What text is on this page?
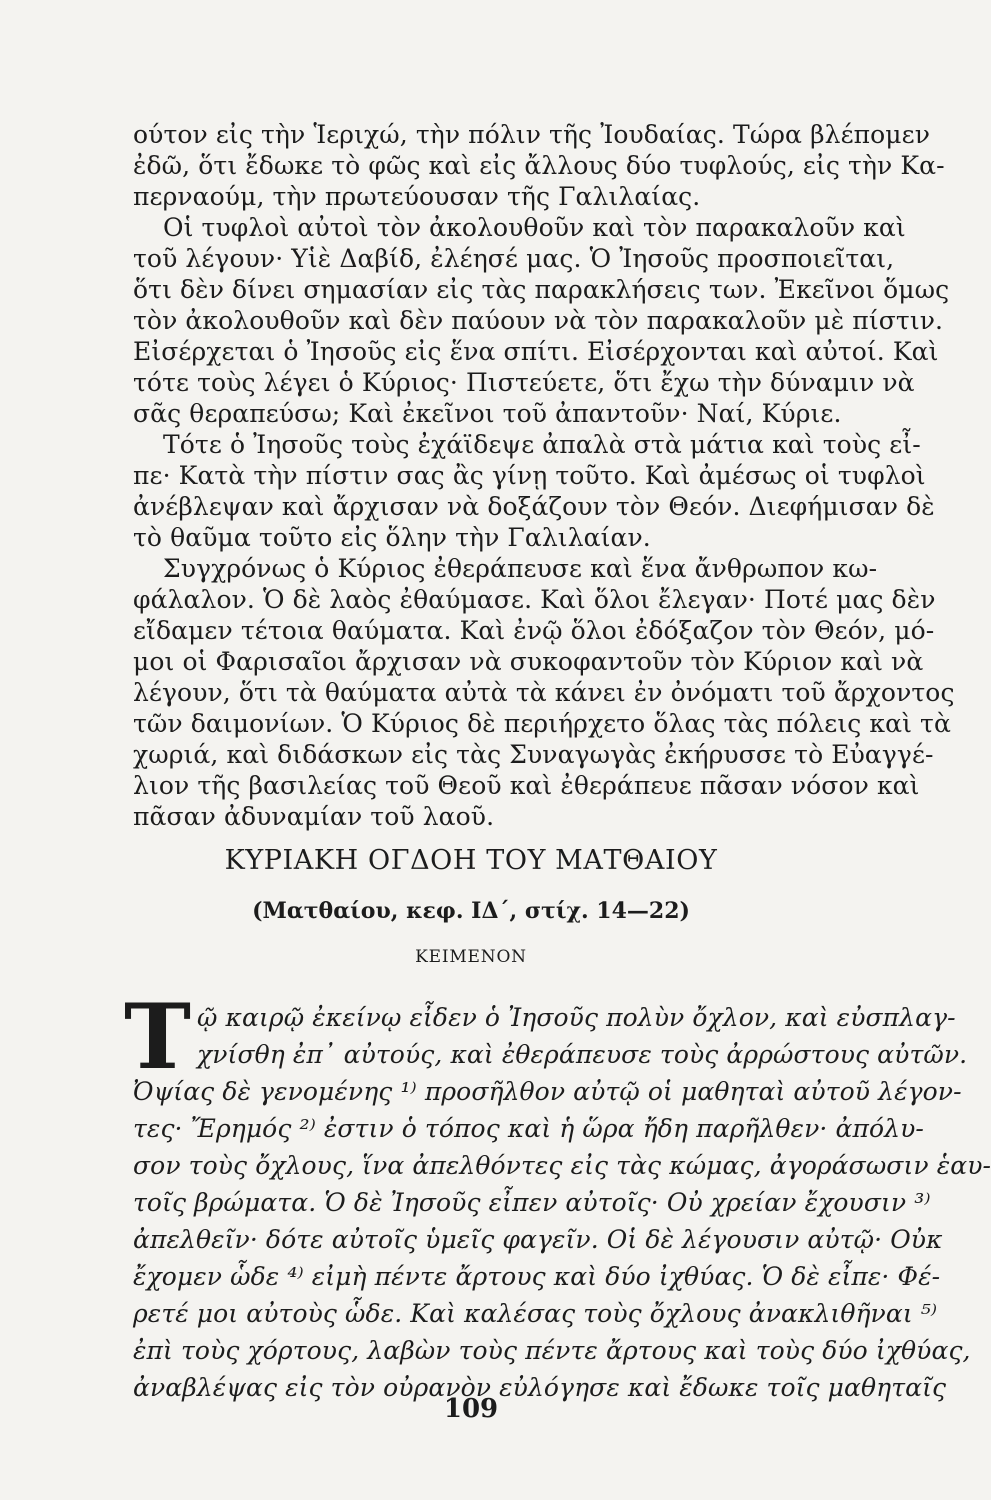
ούτον εἰς τὴν Ἱεριχώ, τὴν πόλιν τῆς Ἰουδαίας. Τώρα βλέπομεν
ἐδῶ, ὅτι ἔδωκε τὸ φῶς καὶ εἰς ἄλλους δύο τυφλούς, εἰς τὴν Κα-
περναούμ, τὴν πρωτεύουσαν τῆς Γαλιλαίας.
Οἱ τυφλοὶ αὐτοὶ τὸν ἀκολουθοῦν καὶ τὸν παρακαλοῦν καὶ
τοῦ λέγουν· Υἱὲ Δαβίδ, ἐλέησέ μας. Ὁ Ἰησοῦς προσποιεῖται,
ὅτι δὲν δίνει σημασίαν εἰς τὰς παρακλήσεις των. Ἐκεῖνοι ὅμως
τὸν ἀκολουθοῦν καὶ δὲν παύουν νὰ τὸν παρακαλοῦν μὲ πίστιν.
Εἰσέρχεται ὁ Ἰησοῦς εἰς ἕνα σπίτι. Εἰσέρχονται καὶ αὐτοί. Καὶ
τότε τοὺς λέγει ὁ Κύριος· Πιστεύετε, ὅτι ἔχω τὴν δύναμιν νὰ
σᾶς θεραπεύσω; Καὶ ἐκεῖνοι τοῦ ἀπαντοῦν· Ναί, Κύριε.
Τότε ὁ Ἰησοῦς τοὺς ἐχάϊδεψε ἀπαλὰ στὰ μάτια καὶ τοὺς εἶ-
πε· Κατὰ τὴν πίστιν σας ἂς γίνῃ τοῦτο. Καὶ ἀμέσως οἱ τυφλοὶ
ἀνέβλεψαν καὶ ἄρχισαν νὰ δοξάζουν τὸν Θεόν. Διεφήμισαν δὲ
τὸ θαῦμα τοῦτο εἰς ὅλην τὴν Γαλιλαίαν.
Συγχρόνως ὁ Κύριος ἐθεράπευσε καὶ ἕνα ἄνθρωπον κω-
φάλαλον. Ὁ δὲ λαὸς ἐθαύμασε. Καὶ ὅλοι ἔλεγαν· Ποτέ μας δὲν
εἴδαμεν τέτοια θαύματα. Καὶ ἐνῷ ὅλοι ἐδόξαζον τὸν Θεόν, μό-
μοι οἱ Φαρισαῖοι ἄρχισαν νὰ συκοφαντοῦν τὸν Κύριον καὶ νὰ
λέγουν, ὅτι τὰ θαύματα αὐτὰ τὰ κάνει ἐν ὀνόματι τοῦ ἄρχοντος
τῶν δαιμονίων. Ὁ Κύριος δὲ περιήρχετο ὅλας τὰς πόλεις καὶ τὰ
χωριά, καὶ διδάσκων εἰς τὰς Συναγωγὰς ἐκήρυσσε τὸ Εὐαγγέ-
λιον τῆς βασιλείας τοῦ Θεοῦ καὶ ἐθεράπευε πᾶσαν νόσον καὶ
πᾶσαν ἀδυναμίαν τοῦ λαοῦ.
ΚΥΡΙΑΚΗ ΟΓΔΟΗ ΤΟΥ ΜΑΤΘΑΙΟΥ
(Ματθαίου, κεφ. ΙΔ΄, στίχ. 14—22)
ΚΕΙΜΕΝΟΝ
Τ ῷ καιρῷ ἐκείνῳ εἶδεν ὁ Ἰησοῦς πολὺν ὄχλον, καὶ εὐσπλαγ-
χνίσθη ἐπ᾿ αὐτούς, καὶ ἐθεράπευσε τοὺς ἀρρώστους αὐτῶν.
Ὀψίας δὲ γενομένης ¹⁾ προσῆλθον αὐτῷ οἱ μαθηταὶ αὐτοῦ λέγον-
τες· Ἔρημός ²⁾ ἐστιν ὁ τόπος καὶ ἡ ὥρα ἤδη παρῆλθεν· ἀπόλυ-
σον τοὺς ὄχλους, ἵνα ἀπελθόντες εἰς τὰς κώμας, ἀγοράσωσιν ἑαυ-
τοῖς βρώματα. Ὁ δὲ Ἰησοῦς εἶπεν αὐτοῖς· Οὐ χρείαν ἔχουσιν ³⁾
ἀπελθεῖν· δότε αὐτοῖς ὑμεῖς φαγεῖν. Οἱ δὲ λέγουσιν αὐτῷ· Οὐκ
ἔχομεν ὧδε ⁴⁾ εἰμὴ πέντε ἄρτους καὶ δύο ἰχθύας. Ὁ δὲ εἶπε· Φέ-
ρετέ μοι αὐτοὺς ὧδε. Καὶ καλέσας τοὺς ὄχλους ἀνακλιθῆναι ⁵⁾
ἐπὶ τοὺς χόρτους, λαβὼν τοὺς πέντε ἄρτους καὶ τοὺς δύο ἰχθύας,
ἀναβλέψας εἰς τὸν οὐρανὸν εὐλόγησε καὶ ἔδωκε τοῖς μαθηταῖς
109
